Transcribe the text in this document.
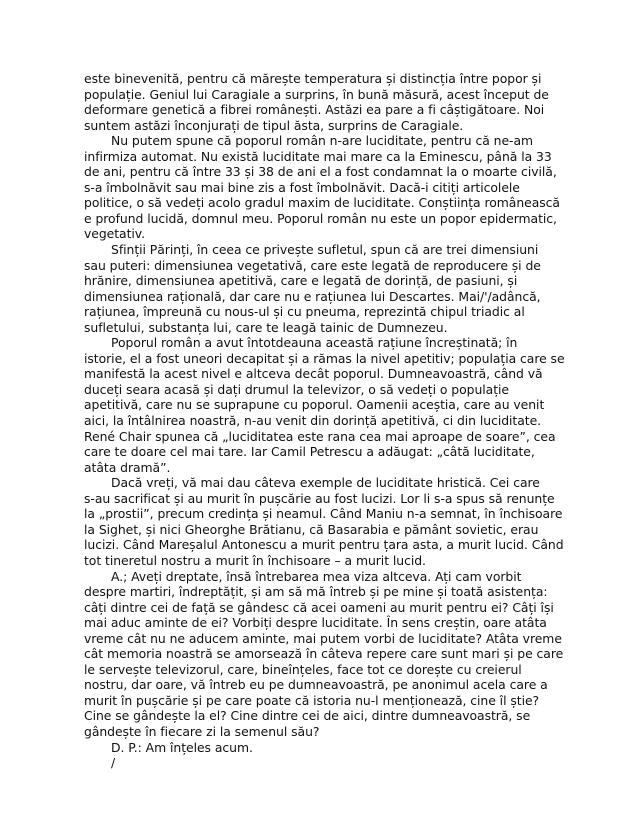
este binevenită, pentru că mărește temperatura și distincția între popor și
populație. Geniul lui Caragiale a surprins, în bună măsură, acest început de
deformare genetică a fibrei românești. Astăzi ea pare a fi câștigătoare. Noi
suntem astăzi înconjurați de tipul ăsta, surprins de Caragiale.
Nu putem spune că poporul român n-are luciditate, pentru că ne-am
infirmiza automat. Nu există luciditate mai mare ca la Eminescu, până la 33
de ani, pentru că între 33 și 38 de ani el a fost condamnat la o moarte civilă,
s-a îmbolnăvit sau mai bine zis a fost îmbolnăvit. Dacă-i citiți articolele
politice, o să vedeți acolo gradul maxim de luciditate. Conștiința românească
e profund lucidă, domnul meu. Poporul român nu este un popor epidermatic,
vegetativ.
Sfinții Părinți, în ceea ce privește sufletul, spun că are trei dimensiuni
sau puteri: dimensiunea vegetativă, care este legată de reproducere și de
hrănire, dimensiunea apetitivă, care e legată de dorință, de pasiuni, și
dimensiunea rațională, dar care nu e rațiunea lui Descartes. Mai/'/adâncă,
rațiunea, împreună cu nous-ul și cu pneuma, reprezintă chipul triadic al
sufletului, substanța lui, care te leagă tainic de Dumnezeu.
Poporul român a avut întotdeauna această rațiune încreștinată; în
istorie, el a fost uneori decapitat și a rămas la nivel apetitiv; populația care se
manifestă la acest nivel e altceva decât poporul. Dumneavoastră, când vă
duceți seara acasă și dați drumul la televizor, o să vedeți o populație
apetitivă, care nu se suprapune cu poporul. Oamenii aceștia, care au venit
aici, la întâlnirea noastră, n-au venit din dorință apetitivă, ci din luciditate.
René Chair spunea că „luciditatea este rana cea mai aproape de soare”, cea
care te doare cel mai tare. Iar Camil Petrescu a adăugat: „câtă luciditate,
atâta dramă”.
Dacă vreți, vă mai dau câteva exemple de luciditate hristică. Cei care
s-au sacrificat și au murit în pușcărie au fost lucizi. Lor li s-a spus să renunțe
la „prostii”, precum credința și neamul. Când Maniu n-a semnat, în închisoare
la Sighet, și nici Gheorghe Brătianu, că Basarabia e pământ sovietic, erau
lucizi. Când Mareșalul Antonescu a murit pentru țara asta, a murit lucid. Când
tot tineretul nostru a murit în închisoare – a murit lucid.
A.; Aveți dreptate, însă întrebarea mea viza altceva. Ați cam vorbit
despre martiri, îndreptățit, și am să mă întreb și pe mine și toată asistența:
câți dintre cei de față se gândesc că acei oameni au murit pentru ei? Câți își
mai aduc aminte de ei? Vorbiți despre luciditate. În sens creștin, oare atâta
vreme cât nu ne aducem aminte, mai putem vorbi de luciditate? Atâta vreme
cât memoria noastră se amorsează în câteva repere care sunt mari și pe care
le servește televizorul, care, bineînțeles, face tot ce dorește cu creierul
nostru, dar oare, vă întreb eu pe dumneavoastră, pe anonimul acela care a
murit în pușcărie și pe care poate că istoria nu-l menționează, cine îl știe?
Cine se gândește la el? Cine dintre cei de aici, dintre dumneavoastră, se
gândește în fiecare zi la semenul său?
D. P.: Am înțeles acum.
/
